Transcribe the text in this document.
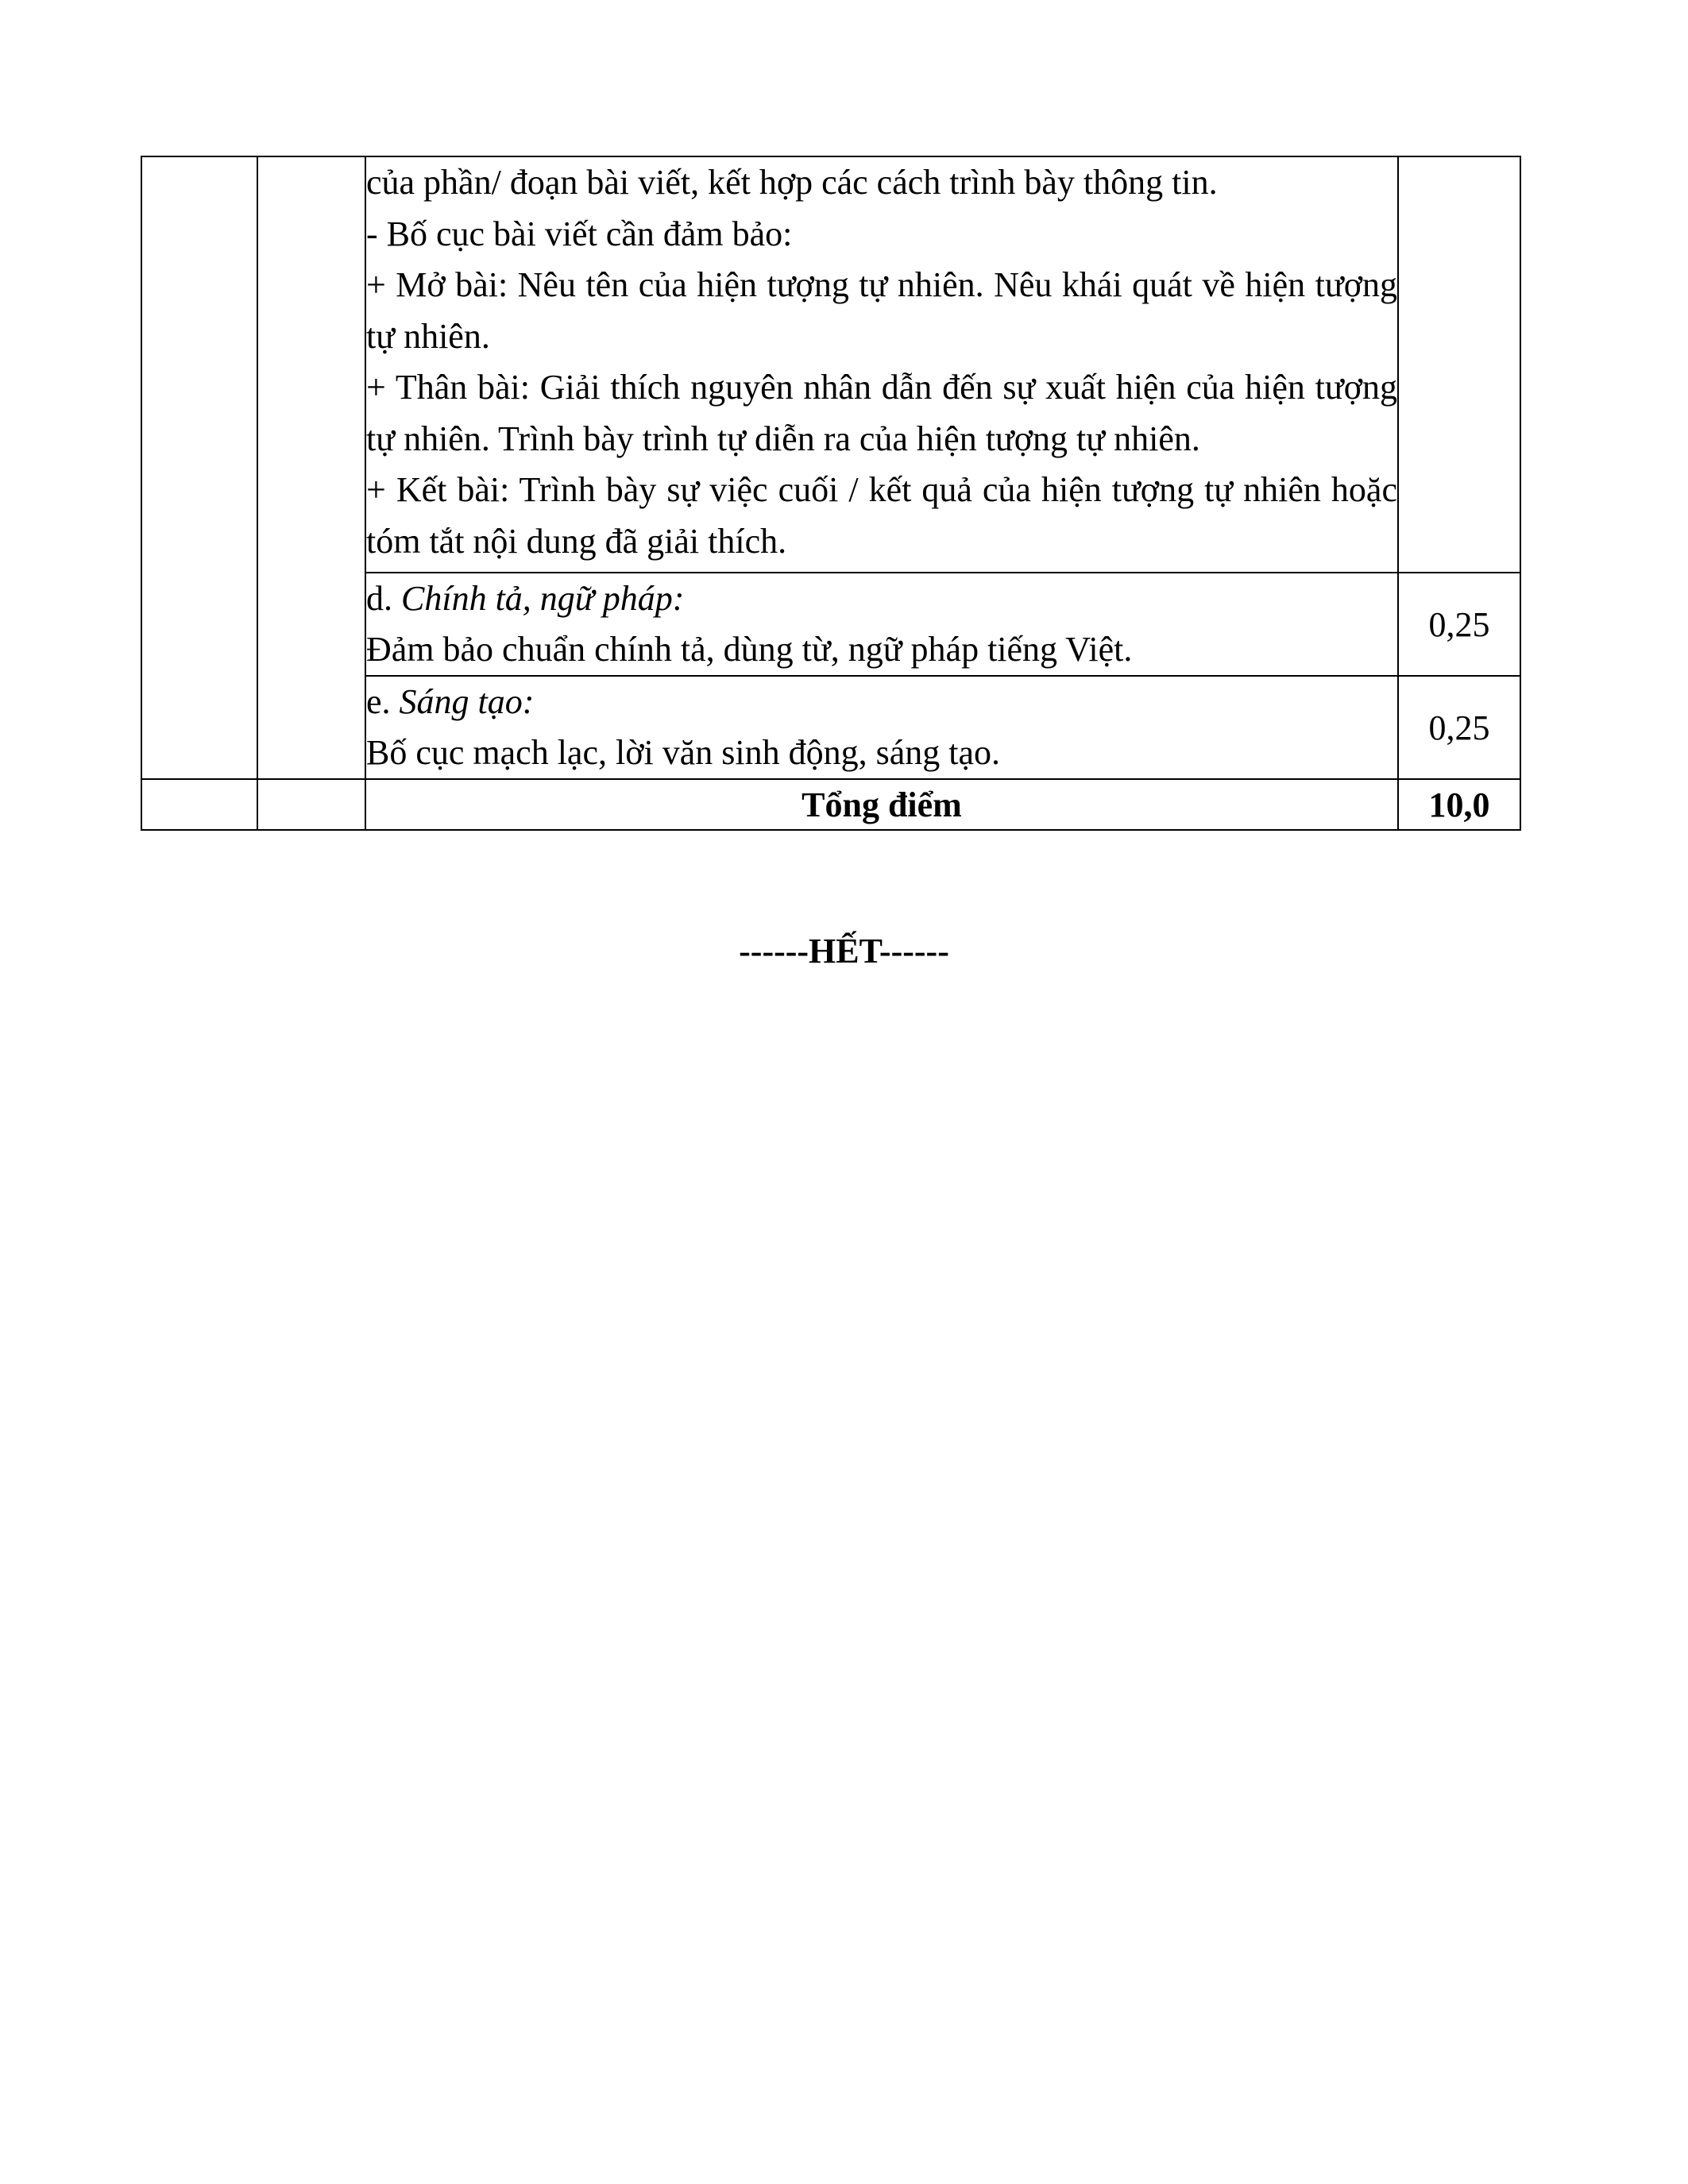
		của phần/ đoạn bài viết, kết hợp các cách trình bày thông tin.

- Bố cục bài viết cần đảm bảo:

+ Mở bài: Nêu tên của hiện tượng tự nhiên. Nêu khái quát về hiện tượng tự nhiên.

+ Thân bài: Giải thích nguyên nhân dẫn đến sự xuất hiện của hiện tượng tự nhiên. Trình bày trình tự diễn ra của hiện tượng tự nhiên.

+ Kết bài: Trình bày sự việc cuối / kết quả của hiện tượng tự nhiên hoặc tóm tắt nội dung đã giải thích.	

		d. Chính tả, ngữ pháp:

Đảm bảo chuẩn chính tả, dùng từ, ngữ pháp tiếng Việt.	0,25

		e. Sáng tạo:

Bố cục mạch lạc, lời văn sinh động, sáng tạo.	0,25
		Tổng điểm	10,0
------HẾT------
